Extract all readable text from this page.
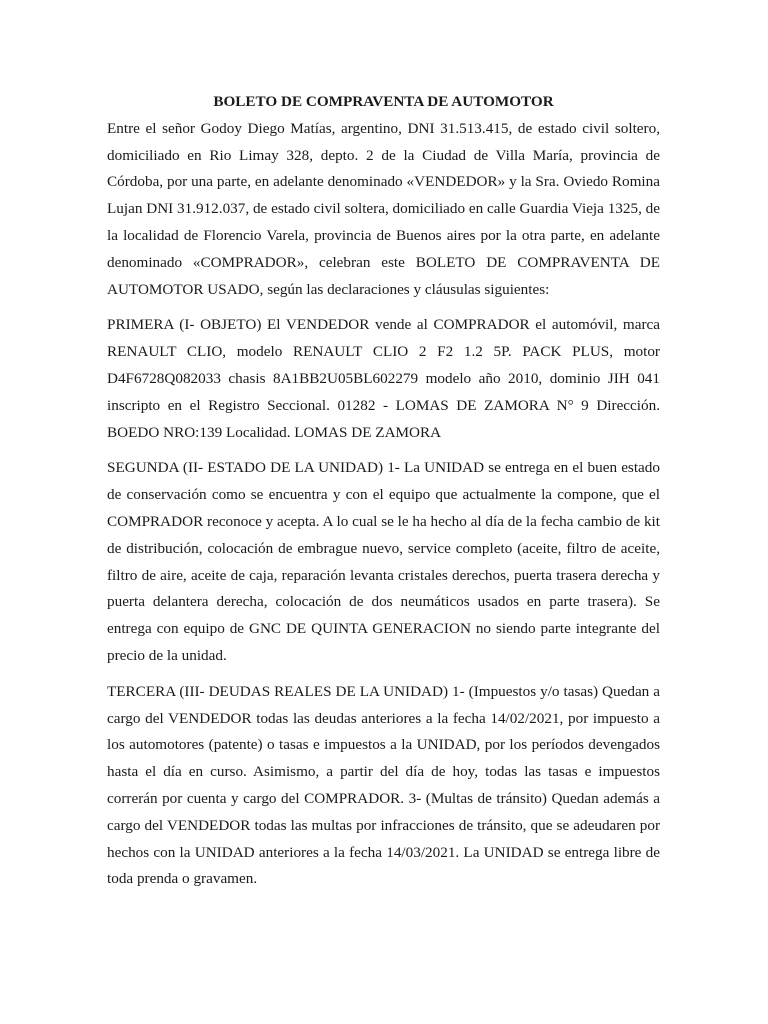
BOLETO DE COMPRAVENTA DE AUTOMOTOR

Entre el señor Godoy Diego Matías, argentino, DNI 31.513.415, de estado civil soltero, domiciliado en Rio Limay 328, depto. 2 de la Ciudad de Villa María, provincia de Córdoba, por una parte, en adelante denominado «VENDEDOR» y la Sra. Oviedo Romina Lujan DNI 31.912.037, de estado civil soltera, domiciliado en calle Guardia Vieja 1325, de la localidad de Florencio Varela, provincia de Buenos aires por la otra parte, en adelante denominado «COMPRADOR», celebran este BOLETO DE COMPRAVENTA DE AUTOMOTOR USADO, según las declaraciones y cláusulas siguientes:

PRIMERA (I- OBJETO) El VENDEDOR vende al COMPRADOR el automóvil, marca RENAULT CLIO, modelo RENAULT CLIO 2 F2 1.2 5P. PACK PLUS, motor D4F6728Q082033 chasis 8A1BB2U05BL602279 modelo año 2010, dominio JIH 041 inscripto en el Registro Seccional. 01282 - LOMAS DE ZAMORA N° 9 Dirección. BOEDO NRO:139 Localidad. LOMAS DE ZAMORA

SEGUNDA (II- ESTADO DE LA UNIDAD) 1- La UNIDAD se entrega en el buen estado de conservación como se encuentra y con el equipo que actualmente la compone, que el COMPRADOR reconoce y acepta. A lo cual se le ha hecho al día de la fecha cambio de kit de distribución, colocación de embrague nuevo, service completo (aceite, filtro de aceite, filtro de aire, aceite de caja, reparación levanta cristales derechos, puerta trasera derecha y puerta delantera derecha, colocación de dos neumáticos usados en parte trasera). Se entrega con equipo de GNC DE QUINTA GENERACION no siendo parte integrante del precio de la unidad.

TERCERA (III- DEUDAS REALES DE LA UNIDAD) 1- (Impuestos y/o tasas) Quedan a cargo del VENDEDOR todas las deudas anteriores a la fecha 14/02/2021, por impuesto a los automotores (patente) o tasas e impuestos a la UNIDAD, por los períodos devengados hasta el día en curso. Asimismo, a partir del día de hoy, todas las tasas e impuestos correrán por cuenta y cargo del COMPRADOR. 3- (Multas de tránsito) Quedan además a cargo del VENDEDOR todas las multas por infracciones de tránsito, que se adeudaren por hechos con la UNIDAD anteriores a la fecha 14/03/2021. La UNIDAD se entrega libre de toda prenda o gravamen.
